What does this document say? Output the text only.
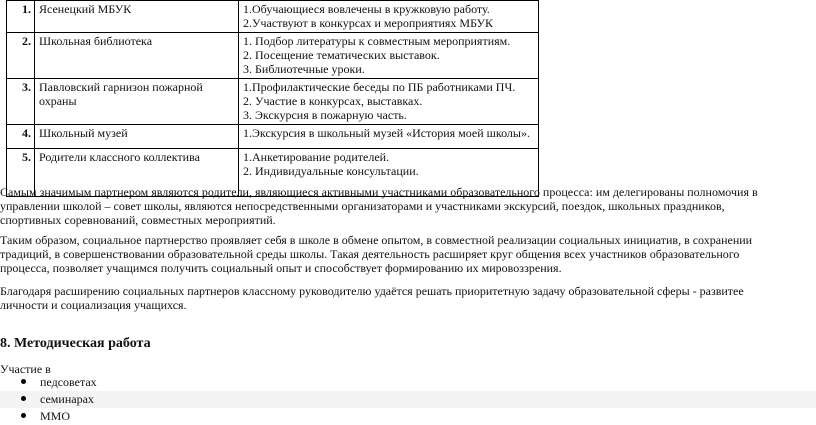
1.	Ясенецкий МБУК	1.Обучающиеся вовлечены в кружковую работу.
2.Участвуют в конкурсах и мероприятиях МБУК

2.	Школьная библиотека	1. Подбор литературы к совместным мероприятиям.
2. Посещение тематических выставок.
3. Библиотечные уроки.

3.	Павловский гарнизон пожарной охраны	1.Профилактические беседы по ПБ работниками ПЧ.
2. Участие в конкурсах, выставках.
3. Экскурсия в пожарную часть.

4.	Школьный музей	1.Экскурсия в школьный музей «История моей школы».

5.	Родители классного коллектива	1.Анкетирование родителей.
2. Индивидуальные консультации.

Самым значимым партнером являются родители, являющиеся активными участниками образовательного процесса: им делегированы полномочия в управлении школой – совет школы, являются непосредственными организаторами и участниками экскурсий, поездок, школьных праздников, спортивных соревнований, совместных мероприятий.

Таким образом, социальное партнерство проявляет себя в школе в обмене опытом, в совместной реализации социальных инициатив, в сохранении традиций, в совершенствовании образовательной среды школы. Такая деятельность расширяет круг общения всех участников образовательного процесса, позволяет учащимся получить социальный опыт и способствует формированию их мировоззрения.

Благодаря расширению социальных партнеров классному руководителю удаётся решать приоритетную задачу образовательной сферы - развитее личности и социализация учащихся.

8. Методическая работа
Участие в
педсоветах
семинарах
ММО
